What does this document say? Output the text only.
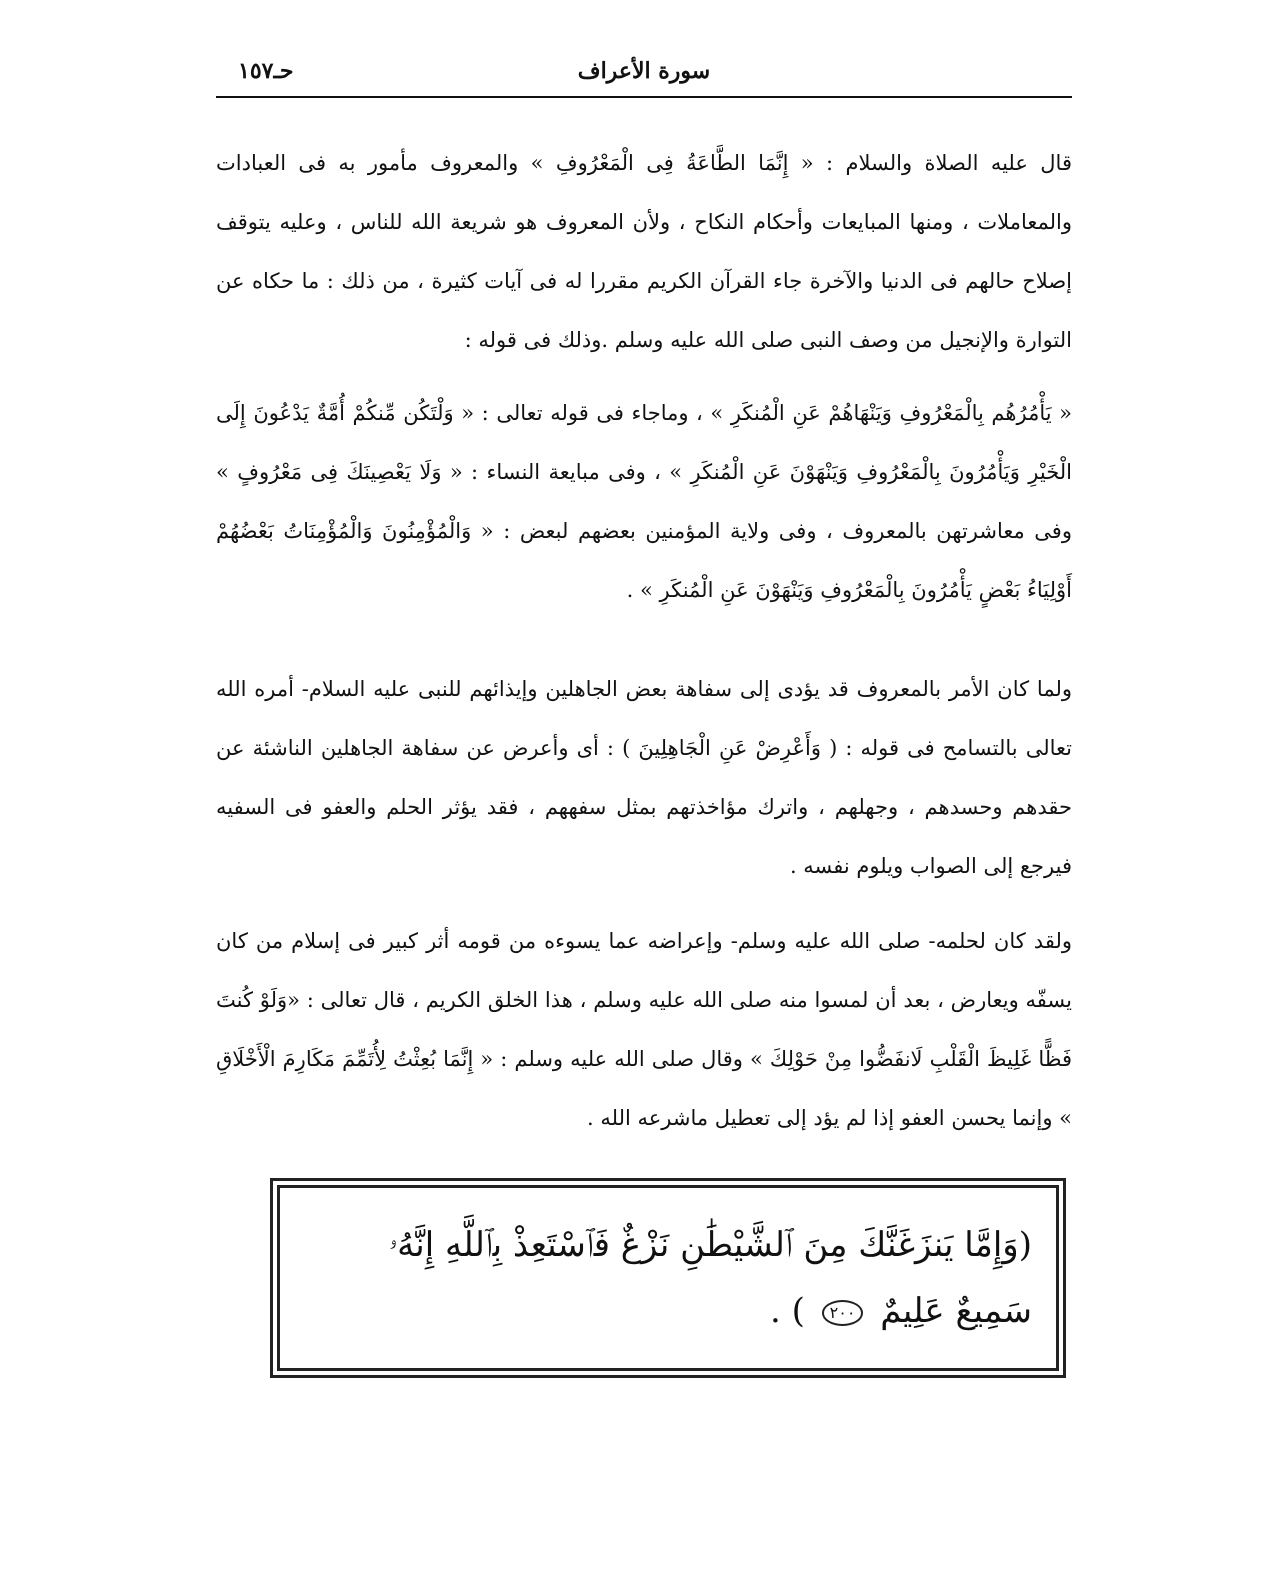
سورة الأعراف
حـ١٥٧

قال عليه الصلاة والسلام : « إِنَّمَا الطَّاعَةُ فِى الْمَعْرُوفِ » والمعروف مأمور به فى العبادات والمعاملات ، ومنها المبايعات وأحكام النكاح ، ولأن المعروف هو شريعة الله للناس ، وعليه يتوقف إصلاح حالهم فى الدنيا والآخرة جاء القرآن الكريم مقررا له فى آيات كثيرة ، من ذلك : ما حكاه عن التوارة والإنجيل من وصف النبى صلى الله عليه وسلم .وذلك فى قوله :

« يَأْمُرُهُم بِالْمَعْرُوفِ وَيَنْهَاهُمْ عَنِ الْمُنكَرِ » ، وماجاء فى قوله تعالى : « وَلْتَكُن مِّنكُمْ أُمَّةٌ يَدْعُونَ إِلَى الْخَيْرِ وَيَأْمُرُونَ بِالْمَعْرُوفِ وَيَنْهَوْنَ عَنِ الْمُنكَرِ » ، وفى مبايعة النساء : « وَلَا يَعْصِينَكَ فِى مَعْرُوفٍ » وفى معاشرتهن بالمعروف ، وفى ولاية المؤمنين بعضهم لبعض : « وَالْمُؤْمِنُونَ وَالْمُؤْمِنَاتُ بَعْضُهُمْ أَوْلِيَاءُ بَعْضٍ يَأْمُرُونَ بِالْمَعْرُوفِ وَيَنْهَوْنَ عَنِ الْمُنكَرِ » .

ولما كان الأمر بالمعروف قد يؤدى إلى سفاهة بعض الجاهلين وإيذائهم للنبى عليه السلام- أمره الله تعالى بالتسامح فى قوله : ( وَأَعْرِضْ عَنِ الْجَاهِلِينَ ) : أى وأعرض عن سفاهة الجاهلين الناشئة عن حقدهم وحسدهم ، وجهلهم ، واترك مؤاخذتهم بمثل سفههم ، فقد يؤثر الحلم والعفو فى السفيه فيرجع إلى الصواب ويلوم نفسه .

ولقد كان لحلمه- صلى الله عليه وسلم- وإعراضه عما يسوءه من قومه أثر كبير فى إسلام من كان يسفّه ويعارض ، بعد أن لمسوا منه صلى الله عليه وسلم ، هذا الخلق الكريم ، قال تعالى : «وَلَوْ كُنتَ فَظًّا غَلِيظَ الْقَلْبِ لَانفَضُّوا مِنْ حَوْلِكَ » وقال صلى الله عليه وسلم : « إِنَّمَا بُعِثْتُ لِأُتَمِّمَ مَكَارِمَ الْأَخْلَاقِ » وإنما يحسن العفو إذا لم يؤد إلى تعطيل ماشرعه الله .

(وَإِمَّا يَنزَغَنَّكَ مِنَ ٱلشَّيْطَٰنِ نَزْغٌ فَٱسْتَعِذْ بِٱللَّهِ إِنَّهُۥ سَمِيعٌ عَلِيمٌ ٢٠٠ ) .
